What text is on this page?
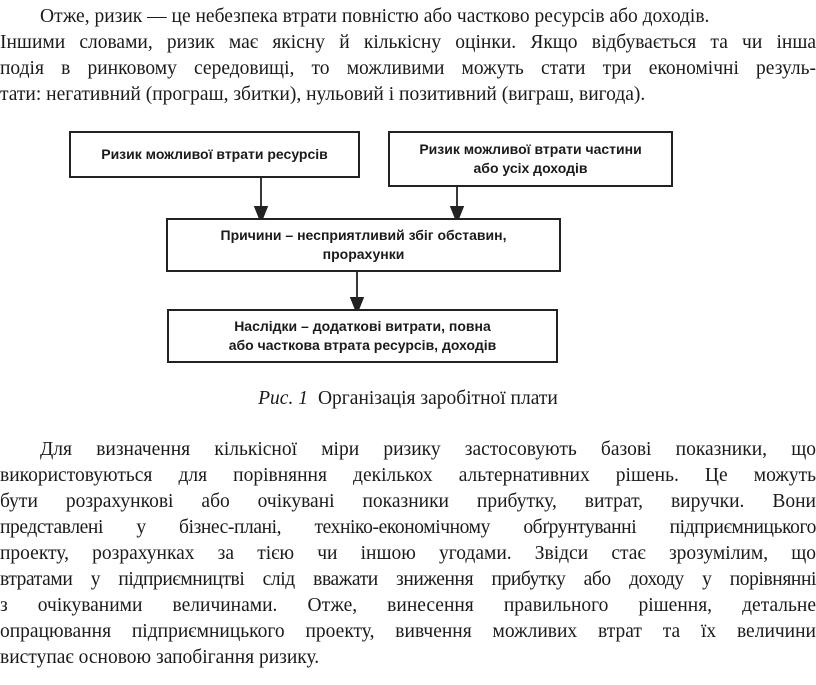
Отже, ризик — це небезпека втрати повністю або частково ресурсів або доходів.
Іншими словами, ризик має якісну й кількісну оцінки. Якщо відбувається та чи інша
подія в ринковому середовищі, то можливими можуть стати три економічні резуль-
тати: негативний (програш, збитки), нульовий і позитивний (виграш, вигода).
Ризик можливої втрати ресурсів	Ризик можливої втрати частини
або усіх доходів
Причини – несприятливий збіг обставин,
прорахунки
Наслідки – додаткові витрати, повна
або часткова втрата ресурсів, доходів
Рис. 1 Організація заробітної плати
Для визначення кількісної міри ризику застосовують базові показники, що
використовуються для порівняння декількох альтернативних рішень. Це можуть
бути розрахункові або очікувані показники прибутку, витрат, виручки. Вони
представлені у бізнес-плані, техніко-економічному обґрунтуванні підприємницького
проекту, розрахунках за тією чи іншою угодами. Звідси стає зрозумілим, що
втратами у підприємництві слід вважати зниження прибутку або доходу у порівнянні
з очікуваними величинами. Отже, винесення правильного рішення, детальне
опрацювання підприємницького проекту, вивчення можливих втрат та їх величини
виступає основою запобігання ризику.
